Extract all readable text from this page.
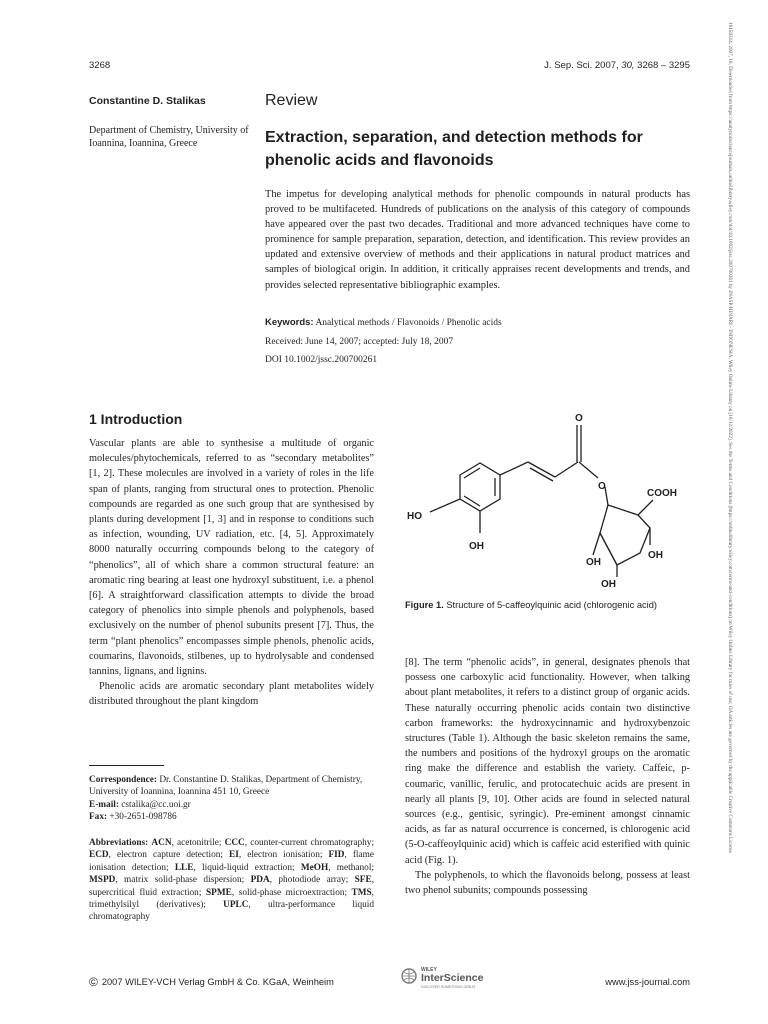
3268	J. Sep. Sci. 2007, 30, 3268 – 3295
Constantine D. Stalikas
Department of Chemistry, University of Ioannina, Ioannina, Greece
Review
Extraction, separation, and detection methods for phenolic acids and flavonoids
The impetus for developing analytical methods for phenolic compounds in natural products has proved to be multifaceted. Hundreds of publications on the analysis of this category of compounds have appeared over the past two decades. Traditional and more advanced techniques have come to prominence for sample preparation, separation, detection, and identification. This review provides an updated and extensive overview of methods and their applications in natural product matrices and samples of biological origin. In addition, it critically appraises recent developments and trends, and provides selected representative bibliographic examples.
Keywords: Analytical methods / Flavonoids / Phenolic acids
Received: June 14, 2007; accepted: July 18, 2007
DOI 10.1002/jssc.200700261
1 Introduction

Vascular plants are able to synthesise a multitude of organic molecules/phytochemicals, referred to as “secondary metabolites” [1, 2]. These molecules are involved in a variety of roles in the life span of plants, ranging from structural ones to protection. Phenolic compounds are regarded as one such group that are synthesised by plants during development [1, 3] and in response to conditions such as infection, wounding, UV radiation, etc. [4, 5]. Approximately 8000 naturally occurring compounds belong to the category of “phenolics”, all of which share a common structural feature: an aromatic ring bearing at least one hydroxyl substituent, i.e. a phenol [6]. A straightforward classification attempts to divide the broad category of phenolics into simple phenols and polyphenols, based exclusively on the number of phenol subunits present [7]. Thus, the term “plant phenolics” encompasses simple phenols, phenolic acids, coumarins, flavonoids, stilbenes, up to hydrolysable and condensed tannins, lignans, and lignins.

Phenolic acids are aromatic secondary plant metabolites widely distributed throughout the plant kingdom

Correspondence: Dr. Constantine D. Stalikas, Department of Chemistry, University of Ioannina, Ioannina 451 10, Greece
E-mail: cstalika@cc.uoi.gr
Fax: +30-2651-098786
Abbreviations: ACN, acetonitrile; CCC, counter-current chromatography; ECD, electron capture detection; EI, electron ionisation; FID, flame ionisation detection; LLE, liquid-liquid extraction; MeOH, methanol; MSPD, matrix solid-phase dispersion; PDA, photodiode array; SFE, supercritical fluid extraction; SPME, solid-phase microextraction; TMS, trimethylsilyl (derivatives); UPLC, ultra-performance liquid chromatography
O
O
COOH
HO
OH
OH
OH
OH
Figure 1. Structure of 5-caffeoylquinic acid (chlorogenic acid)

[8]. The term “phenolic acids”, in general, designates phenols that possess one carboxylic acid functionality. However, when talking about plant metabolites, it refers to a distinct group of organic acids. These naturally occurring phenolic acids contain two distinctive carbon frameworks: the hydroxycinnamic and hydroxybenzoic structures (Table 1). Although the basic skeleton remains the same, the numbers and positions of the hydroxyl groups on the aromatic ring make the difference and establish the variety. Caffeic, p-coumaric, vanillic, ferulic, and protocatechuic acids are present in nearly all plants [9, 10]. Other acids are found in selected natural sources (e.g., gentisic, syringic). Pre-eminent amongst cinnamic acids, as far as natural occurrence is concerned, is chlorogenic acid (5-O-caffeoylquinic acid) which is caffeic acid esterified with quinic acid (Fig. 1).

The polyphenols, to which the flavonoids belong, possess at least two phenol subunits; compounds possessing

© 2007 WILEY-VCH Verlag GmbH & Co. KGaA, Weinheim
WILEY
InterScience
DISCOVER SOMETHING GREAT	www.jss-journal.com
16159314, 2007, 18, Downloaded from https://analyticalsciencejournals.onlinelibrary.wiley.com/doi/10.1002/jssc.200700261 by INASP/HINARI - INDONESIA, Wiley Online Library on [10/12/2022]. See the Terms and Conditions (https://onlinelibrary.wiley.com/terms-and-conditions) on Wiley Online Library for rules of use; OA articles are governed by the applicable Creative Commons License
